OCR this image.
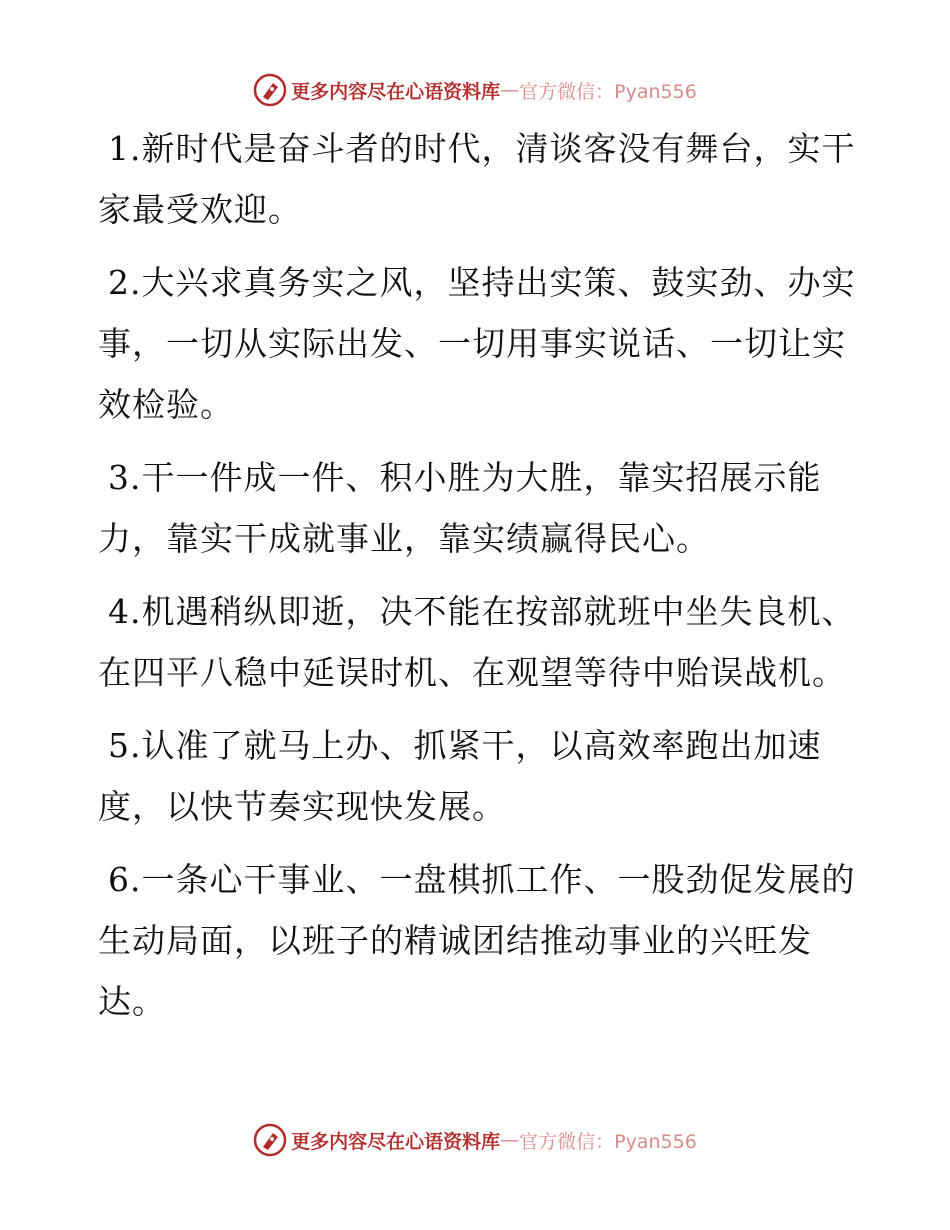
更多内容尽在心语资料库 — 官方微信：Pyan556

1.新时代是奋斗者的时代，清谈客没有舞台，实干家最受欢迎。

2.大兴求真务实之风，坚持出实策、鼓实劲、办实事，一切从实际出发、一切用事实说话、一切让实效检验。

3.干一件成一件、积小胜为大胜，靠实招展示能力，靠实干成就事业，靠实绩赢得民心。

4.机遇稍纵即逝，决不能在按部就班中坐失良机、在四平八稳中延误时机、在观望等待中贻误战机。

5.认准了就马上办、抓紧干，以高效率跑出加速度，以快节奏实现快发展。

6.一条心干事业、一盘棋抓工作、一股劲促发展的生动局面，以班子的精诚团结推动事业的兴旺发达。

更多内容尽在心语资料库 — 官方微信：Pyan556
